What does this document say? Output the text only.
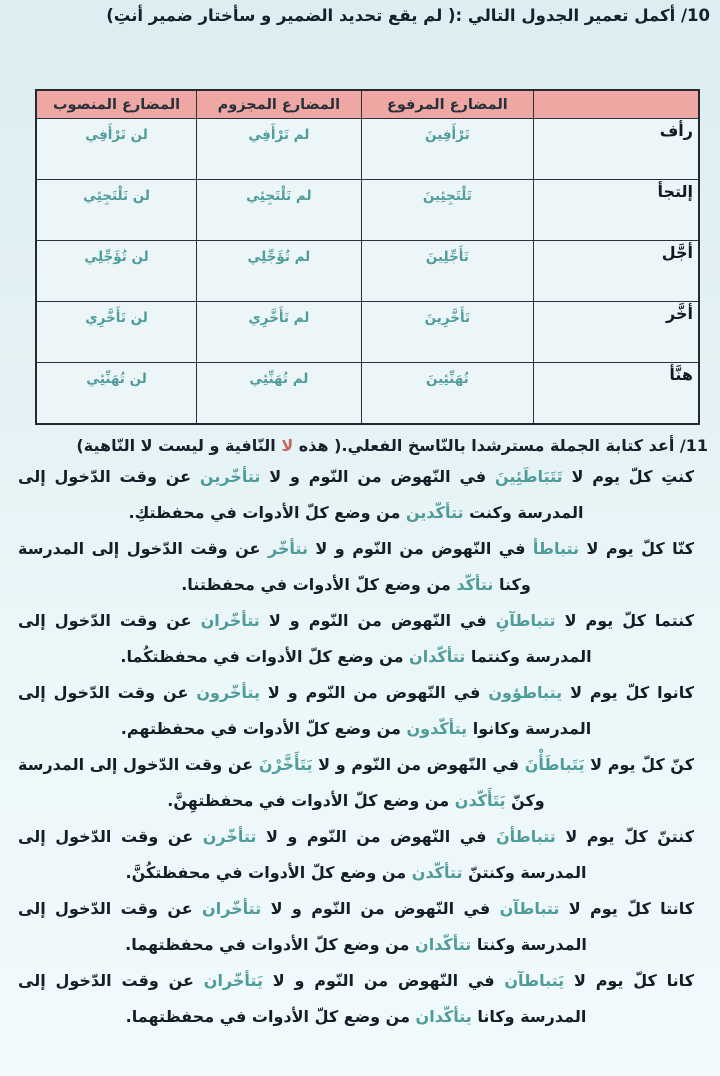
10/ أكمل تعمير الجدول التالي :( لم يقع تحديد الضمير و سأختار ضمير أنتِ)
	المضارع المرفوع	المضارع المجزوم	المضارع المنصوب
رأف	تَرْأَفِينَ	لم تَرْأَفِي	لن تَرْأَفِي
إلتجأ	تَلْتَجِئِينَ	لم تَلْتَجِئِي	لن تَلْتَجِئِي
أجَّل	تَأَجِّلِينَ	لم تُؤَجِّلِي	لن تُؤَجِّلِي
أخَّر	تَأَخَّرِينَ	لم تَأَخَّرِي	لن تَأَخَّرِي
هنَّأ	تُهَنِّئِينَ	لم تُهَنِّئِي	لن تُهَنِّئِي
11/ أعد كتابة الجملة مسترشدا بالنّاسخ الفعلي.( هذه لا النّافية و ليست لا النّاهية)
كنتِ كلّ يوم لا تَتَبَاطَئِينَ في النّهوض من النّوم و لا تتأخّرين عن وقت الدّخول إلى المدرسة وكنت تتأكّدين من وضع كلّ الأدوات في محفظتكِ.
كنّا كلّ يوم لا نتباطأ في النّهوض من النّوم و لا نتأخّر عن وقت الدّخول إلى المدرسة وكنا نتأكّد من وضع كلّ الأدوات في محفظتنا.
كنتما كلّ يوم لا تتباطآنِ في النّهوض من النّوم و لا تتأخّران عن وقت الدّخول إلى المدرسة وكنتما تتأكّدان من وضع كلّ الأدوات في محفظتكُما.
كانوا كلّ يوم لا يتباطؤون في النّهوض من النّوم و لا يتأخّرون عن وقت الدّخول إلى المدرسة وكانوا يتأكّدون من وضع كلّ الأدوات في محفظتهم.
كنّ كلّ يوم لا يَتَباطَأْنَ في النّهوض من النّوم و لا يَتَأَخَّرْنَ عن وقت الدّخول إلى المدرسة وكنّ يَتَأَكّدن من وضع كلّ الأدوات في محفظتهِنَّ.
كنتنّ كلّ يوم لا تتباطأنَ في النّهوض من النّوم و لا تتأخّرن عن وقت الدّخول إلى المدرسة وكنتنّ تتأكّدن من وضع كلّ الأدوات في محفظتكُنَّ.
كانتا كلّ يوم لا تتباطآن في النّهوض من النّوم و لا تتأخّران عن وقت الدّخول إلى المدرسة وكنتا تتأكّدان من وضع كلّ الأدوات في محفظتهما.
كانا كلّ يوم لا يَتباطآن في النّهوض من النّوم و لا يَتأخّران عن وقت الدّخول إلى المدرسة وكانا يتأكّدان من وضع كلّ الأدوات في محفظتهما.
